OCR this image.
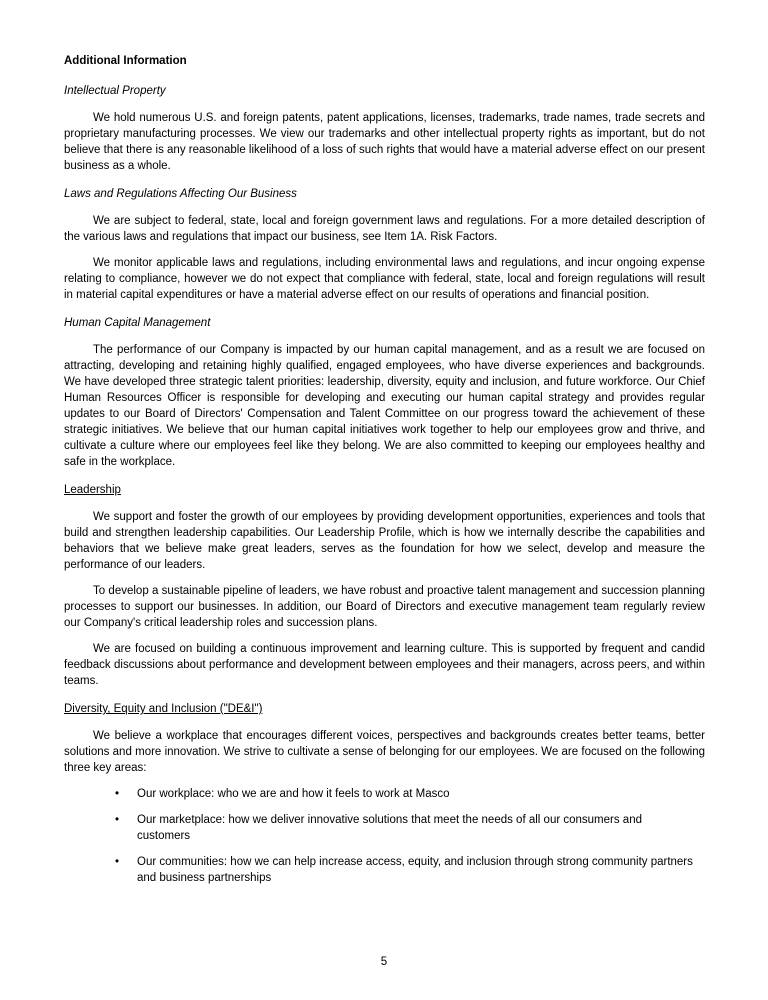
Additional Information

Intellectual Property

We hold numerous U.S. and foreign patents, patent applications, licenses, trademarks, trade names, trade secrets and proprietary manufacturing processes. We view our trademarks and other intellectual property rights as important, but do not believe that there is any reasonable likelihood of a loss of such rights that would have a material adverse effect on our present business as a whole.

Laws and Regulations Affecting Our Business

We are subject to federal, state, local and foreign government laws and regulations. For a more detailed description of the various laws and regulations that impact our business, see Item 1A. Risk Factors.

We monitor applicable laws and regulations, including environmental laws and regulations, and incur ongoing expense relating to compliance, however we do not expect that compliance with federal, state, local and foreign regulations will result in material capital expenditures or have a material adverse effect on our results of operations and financial position.

Human Capital Management

The performance of our Company is impacted by our human capital management, and as a result we are focused on attracting, developing and retaining highly qualified, engaged employees, who have diverse experiences and backgrounds. We have developed three strategic talent priorities: leadership, diversity, equity and inclusion, and future workforce. Our Chief Human Resources Officer is responsible for developing and executing our human capital strategy and provides regular updates to our Board of Directors' Compensation and Talent Committee on our progress toward the achievement of these strategic initiatives. We believe that our human capital initiatives work together to help our employees grow and thrive, and cultivate a culture where our employees feel like they belong. We are also committed to keeping our employees healthy and safe in the workplace.

Leadership

We support and foster the growth of our employees by providing development opportunities, experiences and tools that build and strengthen leadership capabilities. Our Leadership Profile, which is how we internally describe the capabilities and behaviors that we believe make great leaders, serves as the foundation for how we select, develop and measure the performance of our leaders.

To develop a sustainable pipeline of leaders, we have robust and proactive talent management and succession planning processes to support our businesses. In addition, our Board of Directors and executive management team regularly review our Company's critical leadership roles and succession plans.

We are focused on building a continuous improvement and learning culture. This is supported by frequent and candid feedback discussions about performance and development between employees and their managers, across peers, and within teams.

Diversity, Equity and Inclusion ("DE&I")

We believe a workplace that encourages different voices, perspectives and backgrounds creates better teams, better solutions and more innovation. We strive to cultivate a sense of belonging for our employees. We are focused on the following three key areas:

•	Our workplace: who we are and how it feels to work at Masco
•	Our marketplace: how we deliver innovative solutions that meet the needs of all our consumers and customers
•	Our communities: how we can help increase access, equity, and inclusion through strong community partners and business partnerships
5
